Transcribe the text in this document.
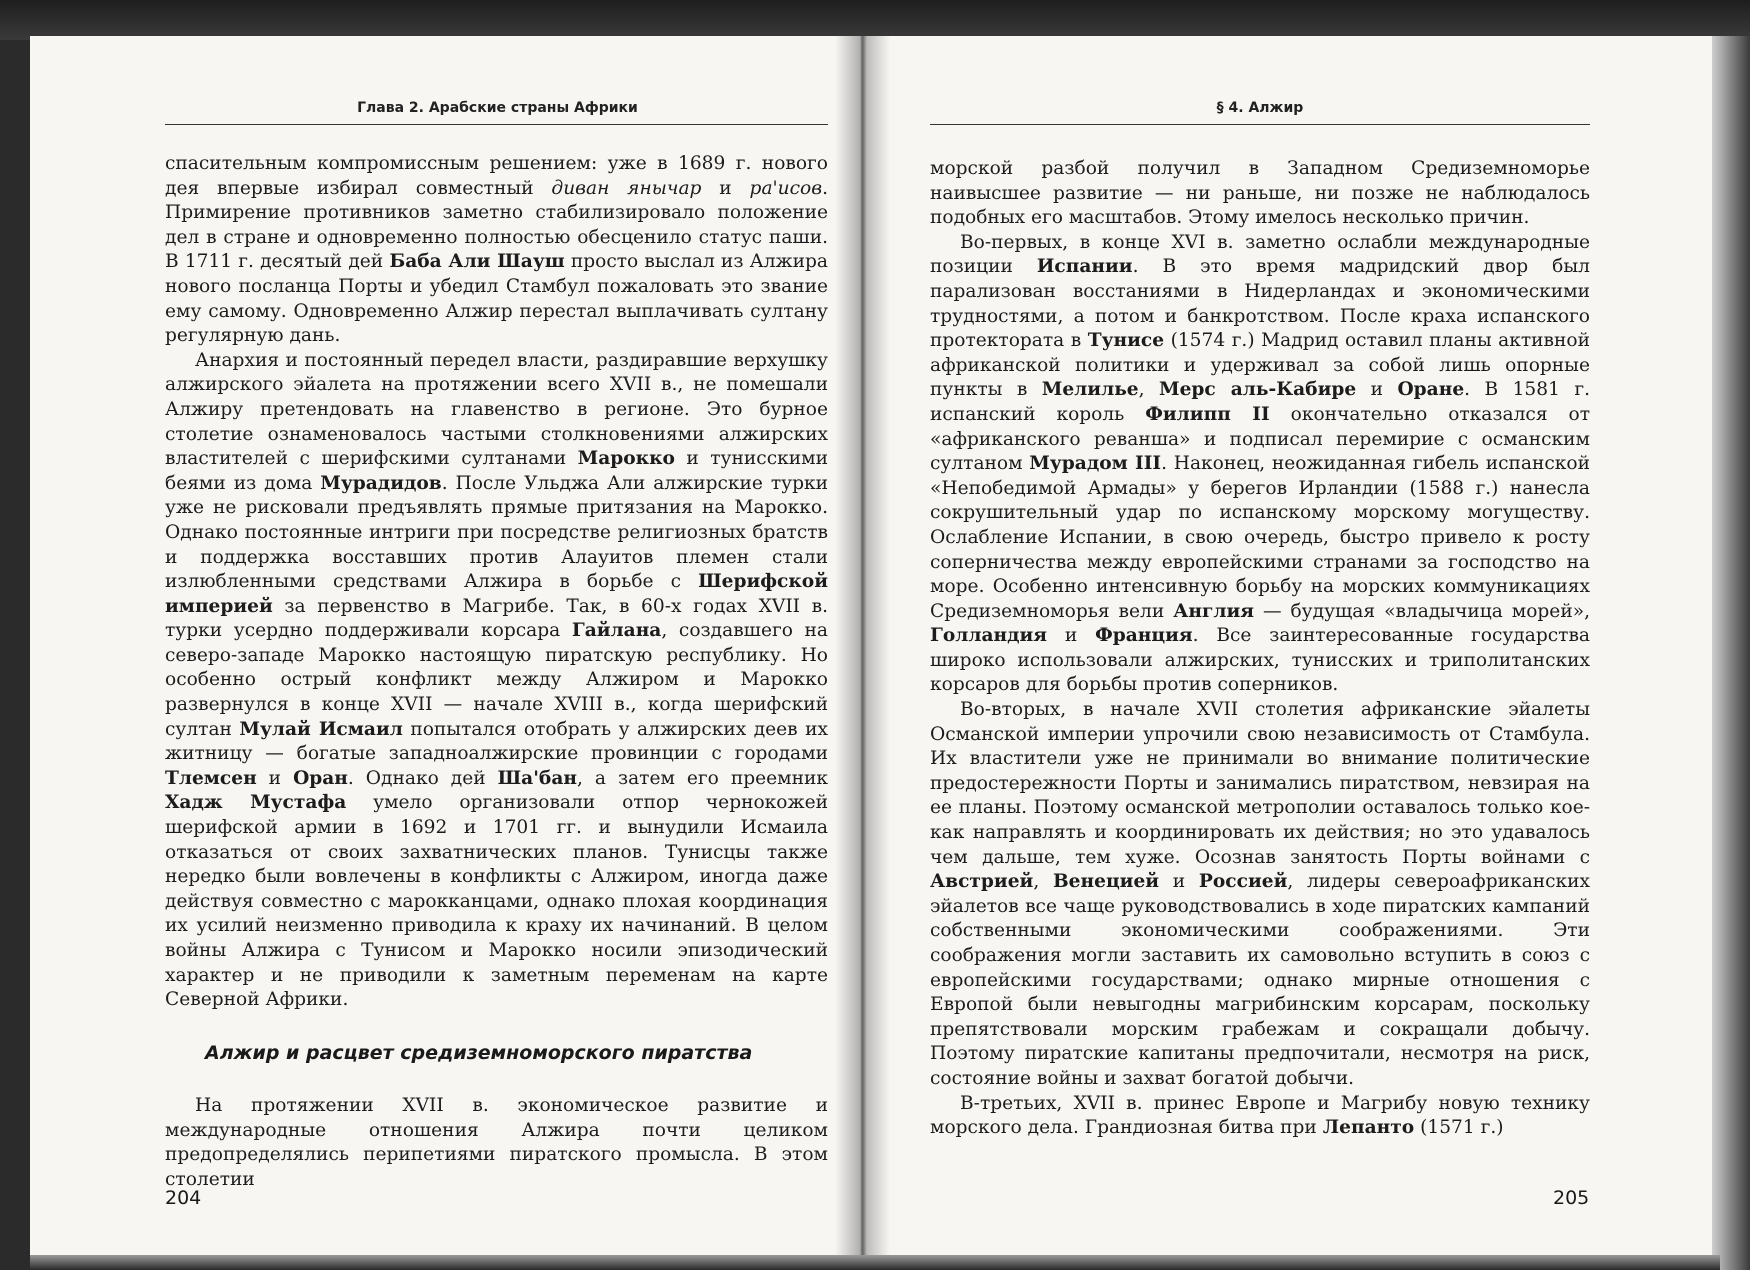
Глава 2. Арабские страны Африки

спасительным компромиссным решением: уже в 1689 г. нового дея впервые избирал совместный диван янычар и ра'исов. Примирение противников заметно стабилизировало положение дел в стране и одновременно полностью обесценило статус паши. В 1711 г. десятый дей Баба Али Шауш просто выслал из Алжира нового посланца Порты и убедил Стамбул пожаловать это звание ему самому. Одновременно Алжир перестал выплачивать султану регулярную дань.

Анархия и постоянный передел власти, раздиравшие верхушку алжирского эйалета на протяжении всего XVII в., не помешали Алжиру претендовать на главенство в регионе. Это бурное столетие ознаменовалось частыми столкновениями алжирских властителей с шерифскими султанами Марокко и тунисскими беями из дома Мурадидов. После Ульджа Али алжирские турки уже не рисковали предъявлять прямые притязания на Марокко. Однако постоянные интриги при посредстве религиозных братств и поддержка восставших против Алауитов племен стали излюбленными средствами Алжира в борьбе с Шерифской империей за первенство в Магрибе. Так, в 60-х годах XVII в. турки усердно поддерживали корсара Гайлана, создавшего на северо-западе Марокко настоящую пиратскую республику. Но особенно острый конфликт между Алжиром и Марокко развернулся в конце XVII — начале XVIII в., когда шерифский султан Мулай Исмаил попытался отобрать у алжирских деев их житницу — богатые западноалжирские провинции с городами Тлемсен и Оран. Однако дей Ша'бан, а затем его преемник Хадж Мустафа умело организовали отпор чернокожей шерифской армии в 1692 и 1701 гг. и вынудили Исмаила отказаться от своих захватнических планов. Тунисцы также нередко были вовлечены в конфликты с Алжиром, иногда даже действуя совместно с марокканцами, однако плохая координация их усилий неизменно приводила к краху их начинаний. В целом войны Алжира с Тунисом и Марокко носили эпизодический характер и не приводили к заметным переменам на карте Северной Африки.

Алжир и расцвет средиземноморского пиратства

На протяжении XVII в. экономическое развитие и международные отношения Алжира почти целиком предопределялись перипетиями пиратского промысла. В этом столетии

204
§ 4. Алжир

морской разбой получил в Западном Средиземноморье наивысшее развитие — ни раньше, ни позже не наблюдалось подобных его масштабов. Этому имелось несколько причин.

Во-первых, в конце XVI в. заметно ослабли международные позиции Испании. В это время мадридский двор был парализован восстаниями в Нидерландах и экономическими трудностями, а потом и банкротством. После краха испанского протектората в Тунисе (1574 г.) Мадрид оставил планы активной африканской политики и удерживал за собой лишь опорные пункты в Мелилье, Мерс аль-Кабире и Оране. В 1581 г. испанский король Филипп II окончательно отказался от «африканского реванша» и подписал перемирие с османским султаном Мурадом III. Наконец, неожиданная гибель испанской «Непобедимой Армады» у берегов Ирландии (1588 г.) нанесла сокрушительный удар по испанскому морскому могуществу. Ослабление Испании, в свою очередь, быстро привело к росту соперничества между европейскими странами за господство на море. Особенно интенсивную борьбу на морских коммуникациях Средиземноморья вели Англия — будущая «владычица морей», Голландия и Франция. Все заинтересованные государства широко использовали алжирских, тунисских и триполитанских корсаров для борьбы против соперников.

Во-вторых, в начале XVII столетия африканские эйалеты Османской империи упрочили свою независимость от Стамбула. Их властители уже не принимали во внимание политические предостережности Порты и занимались пиратством, невзирая на ее планы. Поэтому османской метрополии оставалось только кое-как направлять и координировать их действия; но это удавалось чем дальше, тем хуже. Осознав занятость Порты войнами с Австрией, Венецией и Россией, лидеры североафриканских эйалетов все чаще руководствовались в ходе пиратских кампаний собственными экономическими соображениями. Эти соображения могли заставить их самовольно вступить в союз с европейскими государствами; однако мирные отношения с Европой были невыгодны магрибинским корсарам, поскольку препятствовали морским грабежам и сокращали добычу. Поэтому пиратские капитаны предпочитали, несмотря на риск, состояние войны и захват богатой добычи.

В-третьих, XVII в. принес Европе и Магрибу новую технику морского дела. Грандиозная битва при Лепанто (1571 г.)

205
